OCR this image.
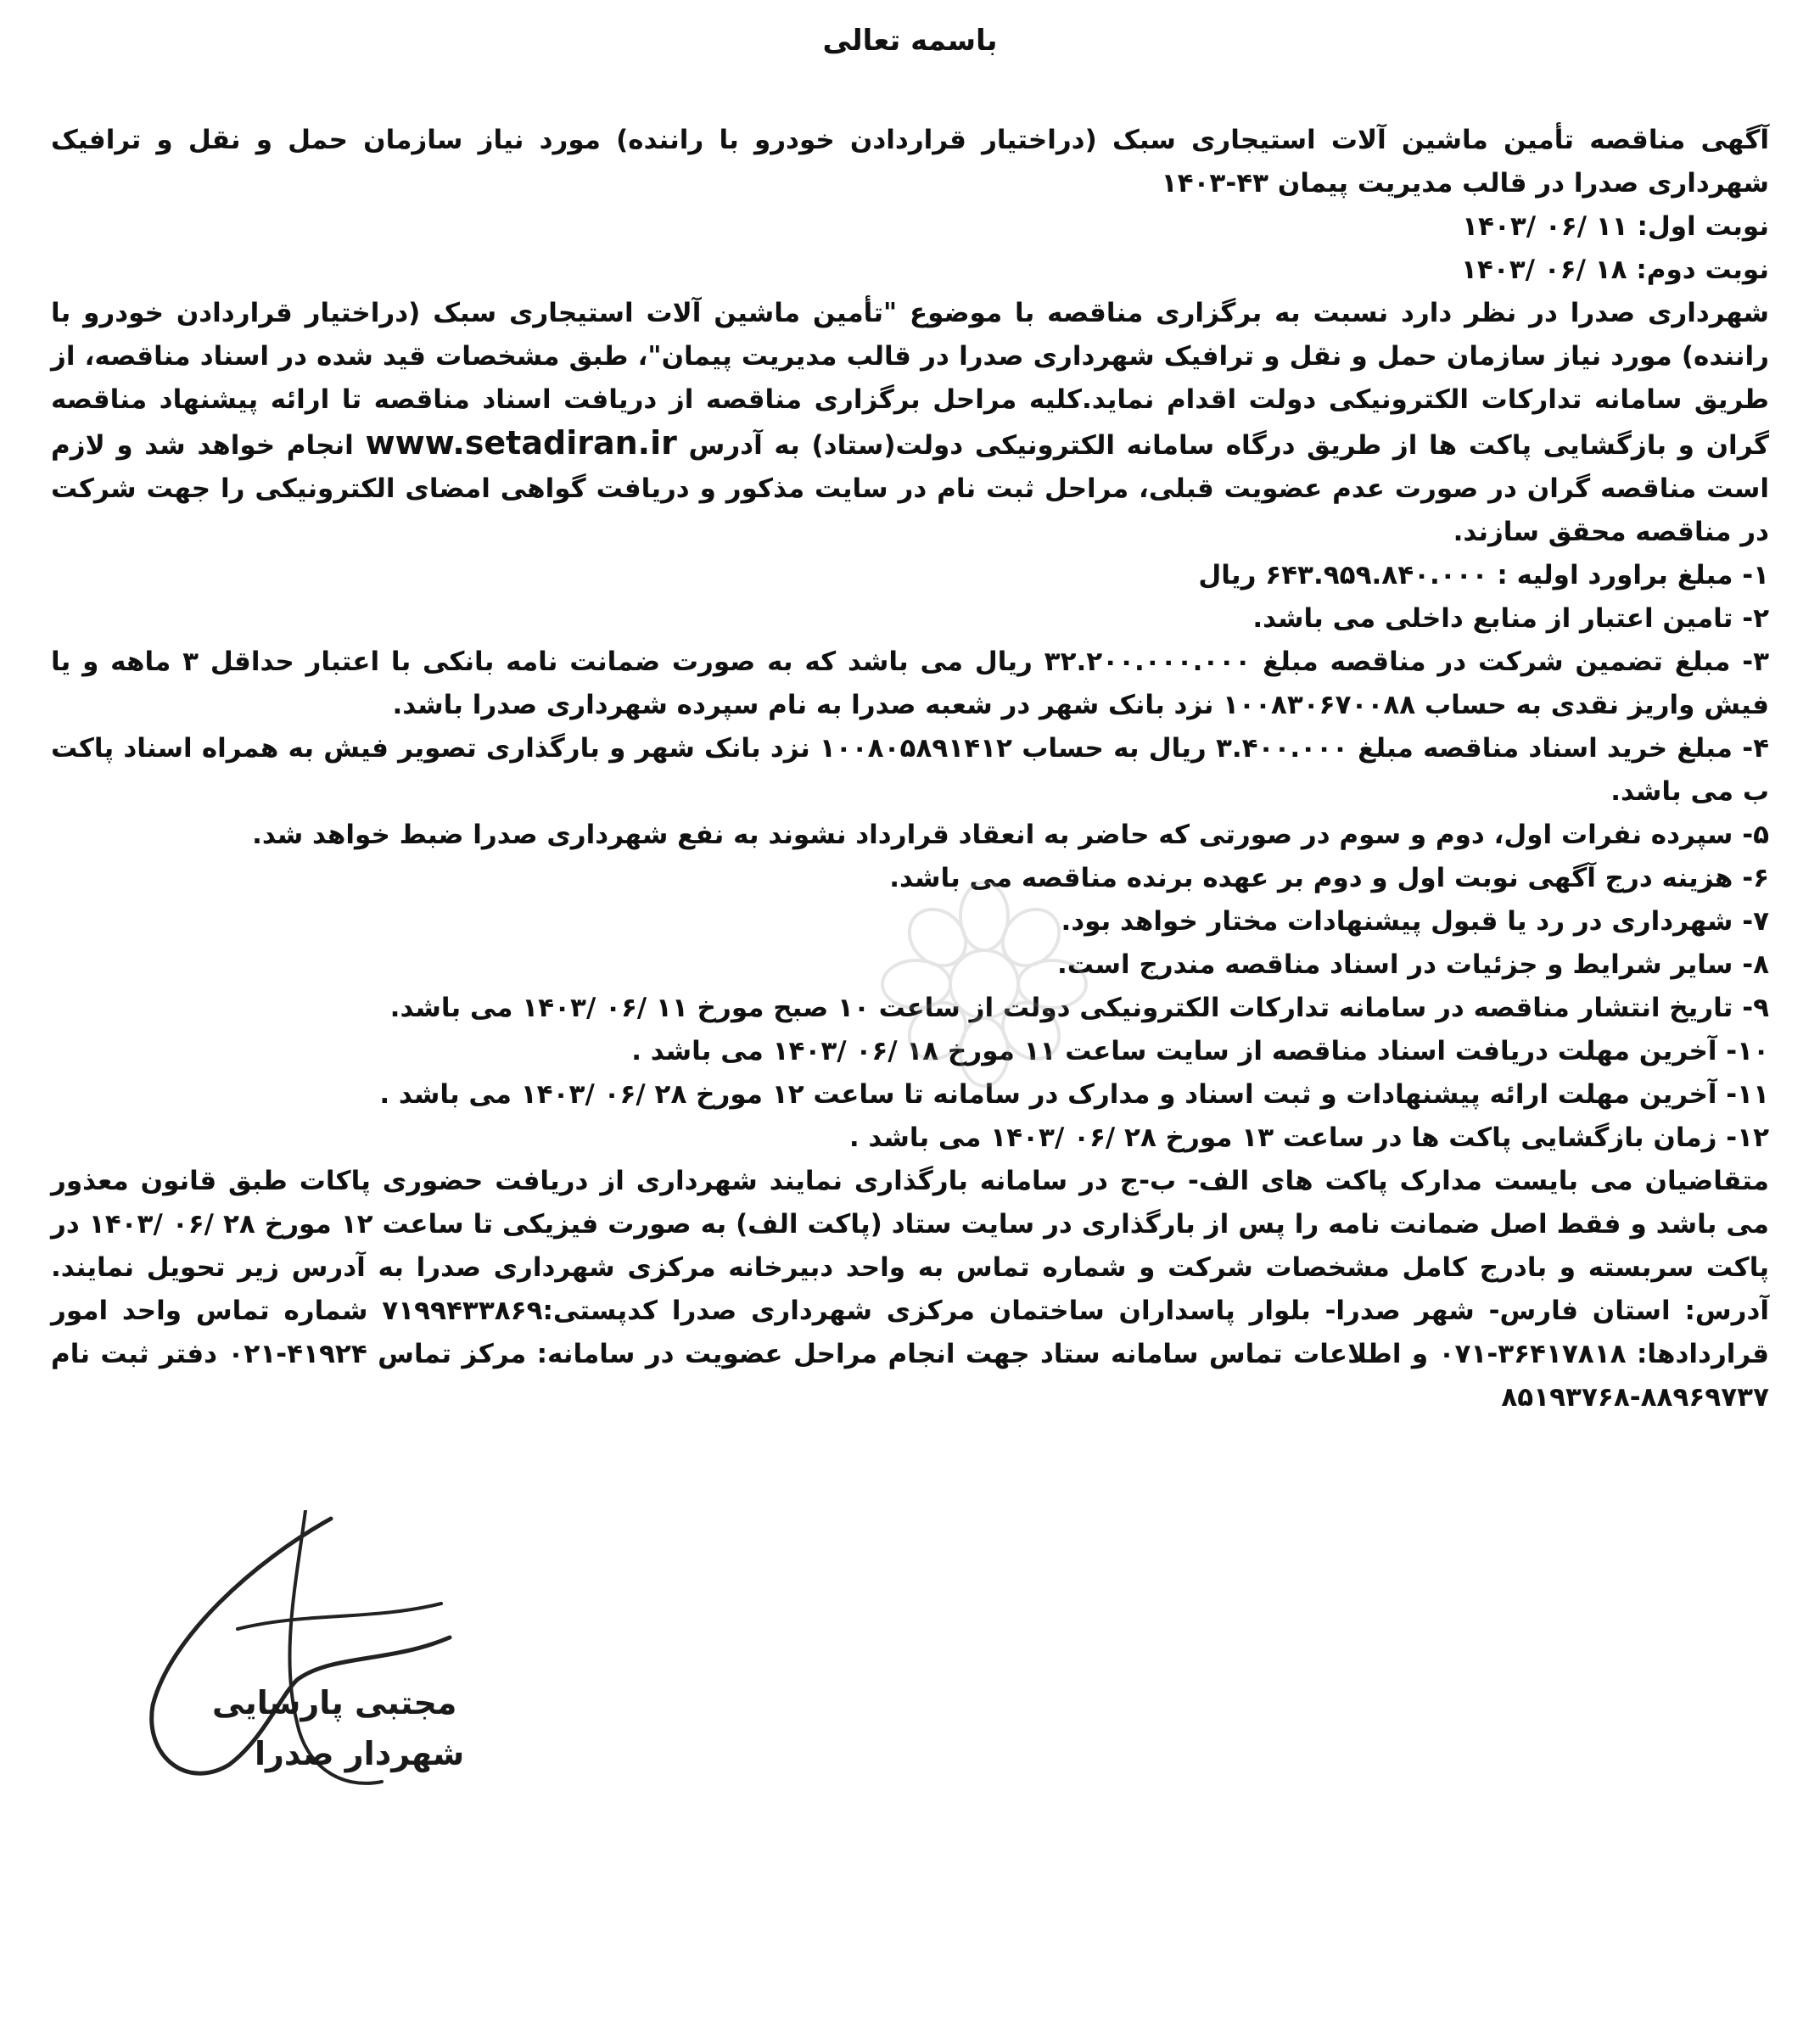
باسمه تعالی

آگهی مناقصه تأمین ماشین آلات استیجاری سبک (دراختیار قراردادن خودرو با راننده) مورد نیاز سازمان حمل و نقل و ترافیک شهرداری صدرا در قالب مدیریت پیمان ۴۳-۱۴۰۳

نوبت اول: ۱۱ /۰۶ /۱۴۰۳

نوبت دوم: ۱۸ /۰۶ /۱۴۰۳

شهرداری صدرا در نظر دارد نسبت به برگزاری مناقصه با موضوع "تأمین ماشین آلات استیجاری سبک (دراختیار قراردادن خودرو با راننده) مورد نیاز سازمان حمل و نقل و ترافیک شهرداری صدرا در قالب مدیریت پیمان"، طبق مشخصات قید شده در اسناد مناقصه، از طریق سامانه تدارکات الکترونیکی دولت اقدام نماید.کلیه مراحل برگزاری مناقصه از دریافت اسناد مناقصه تا ارائه پیشنهاد مناقصه گران و بازگشایی پاکت ها از طریق درگاه سامانه الکترونیکی دولت(ستاد) به آدرس www.setadiran.ir انجام خواهد شد و لازم است مناقصه گران در صورت عدم عضویت قبلی، مراحل ثبت نام در سایت مذکور و دریافت گواهی امضای الکترونیکی را جهت شرکت در مناقصه محقق سازند.

۱- مبلغ براورد اولیه : ۶۴۳.۹۵۹.۸۴۰.۰۰۰ ریال
۲- تامین اعتبار از منابع داخلی می باشد.
۳- مبلغ تضمین شرکت در مناقصه مبلغ ۳۲.۲۰۰.۰۰۰.۰۰۰ ریال می باشد که به صورت ضمانت نامه بانکی با اعتبار حداقل ۳ ماهه و یا فیش واریز نقدی به حساب ۱۰۰۸۳۰۶۷۰۰۸۸ نزد بانک شهر در شعبه صدرا به نام سپرده شهرداری صدرا باشد.
۴- مبلغ خرید اسناد مناقصه مبلغ ۳.۴۰۰.۰۰۰ ریال به حساب ۱۰۰۸۰۵۸۹۱۴۱۲ نزد بانک شهر و بارگذاری تصویر فیش به همراه اسناد پاکت ب می باشد.
۵- سپرده نفرات اول، دوم و سوم در صورتی که حاضر به انعقاد قرارداد نشوند به نفع شهرداری صدرا ضبط خواهد شد.
۶- هزینه درج آگهی نوبت اول و دوم بر عهده برنده مناقصه می باشد.
۷- شهرداری در رد یا قبول پیشنهادات مختار خواهد بود.
۸- سایر شرایط و جزئیات در اسناد مناقصه مندرج است.
۹- تاریخ انتشار مناقصه در سامانه تدارکات الکترونیکی دولت از ساعت ۱۰ صبح مورخ ۱۱ /۰۶ /۱۴۰۳ می باشد.
۱۰- آخرین مهلت دریافت اسناد مناقصه از سایت ساعت ۱۱ مورخ ۱۸ /۰۶ /۱۴۰۳ می باشد .
۱۱- آخرین مهلت ارائه پیشنهادات و ثبت اسناد و مدارک در سامانه تا ساعت ۱۲ مورخ ۲۸ /۰۶ /۱۴۰۳ می باشد .
۱۲- زمان بازگشایی پاکت ها در ساعت ۱۳ مورخ ۲۸ /۰۶ /۱۴۰۳ می باشد .

متقاضیان می بایست مدارک پاکت های الف- ب-ج در سامانه بارگذاری نمایند شهرداری از دریافت حضوری پاکات طبق قانون معذور می باشد و فقط اصل ضمانت نامه را پس از بارگذاری در سایت ستاد (پاکت الف) به صورت فیزیکی تا ساعت ۱۲ مورخ ۲۸ /۰۶ /۱۴۰۳ در پاکت سربسته و بادرج کامل مشخصات شرکت و شماره تماس به واحد دبیرخانه مرکزی شهرداری صدرا به آدرس زیر تحویل نمایند. آدرس: استان فارس- شهر صدرا- بلوار پاسداران ساختمان مرکزی شهرداری صدرا کدپستی:۷۱۹۹۴۳۳۸۶۹ شماره تماس واحد امور قراردادها: ۳۶۴۱۷۸۱۸-۰۷۱ و اطلاعات تماس سامانه ستاد جهت انجام مراحل عضویت در سامانه: مرکز تماس ۴۱۹۲۴-۰۲۱ دفتر ثبت نام ۸۸۹۶۹۷۳۷-۸۵۱۹۳۷۶۸

مجتبی پارسایی
شهردار صدرا
